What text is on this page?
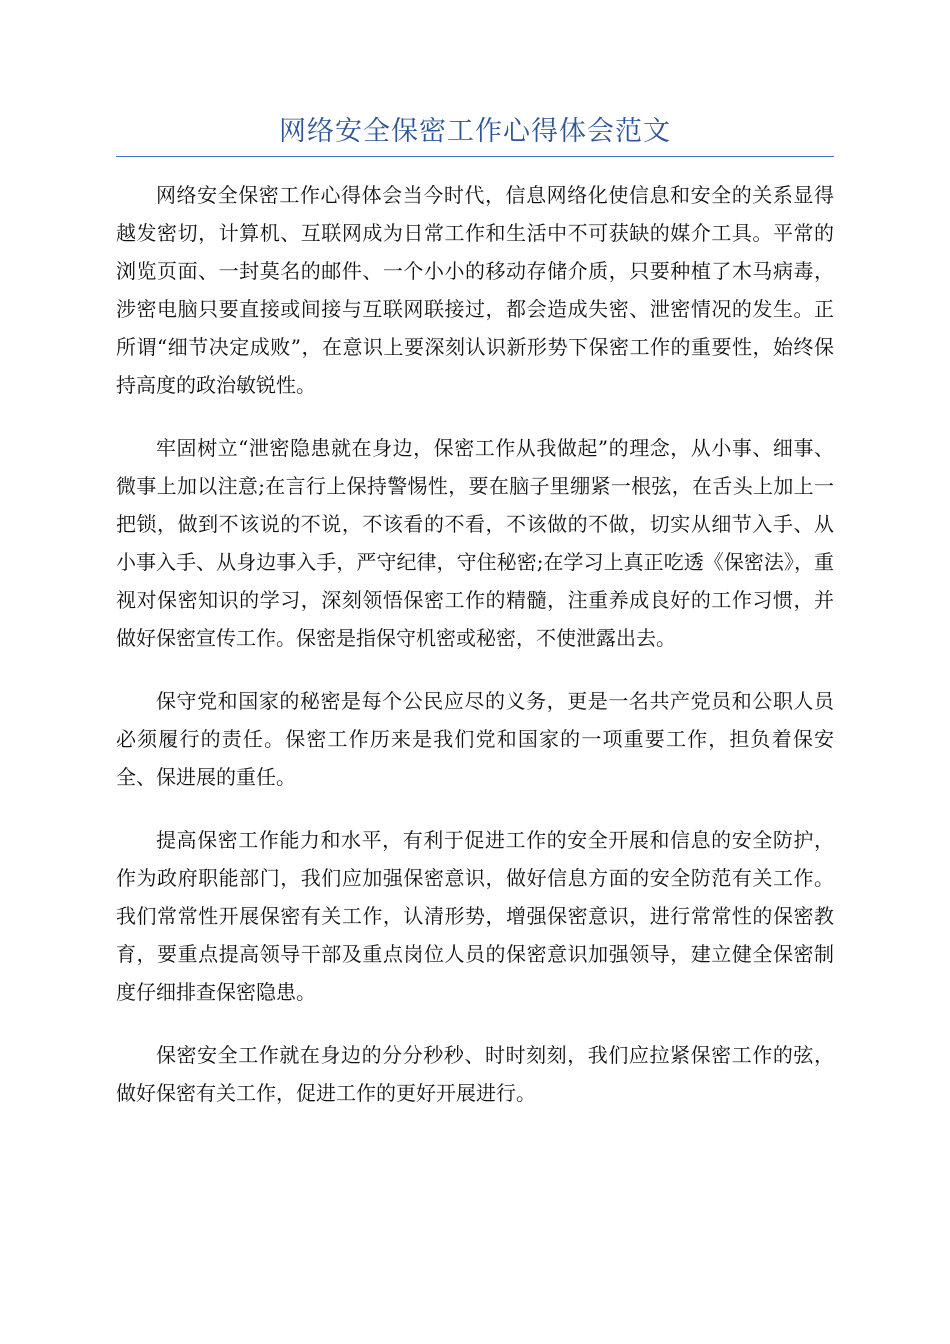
网络安全保密工作心得体会范文

网络安全保密工作心得体会当今时代，信息网络化使信息和安全的关系显得越发密切，计算机、互联网成为日常工作和生活中不可获缺的媒介工具。平常的浏览页面、一封莫名的邮件、一个小小的移动存储介质，只要种植了木马病毒，涉密电脑只要直接或间接与互联网联接过，都会造成失密、泄密情况的发生。正所谓“细节决定成败”，在意识上要深刻认识新形势下保密工作的重要性，始终保持高度的政治敏锐性。

牢固树立“泄密隐患就在身边，保密工作从我做起”的理念，从小事、细事、微事上加以注意;在言行上保持警惕性，要在脑子里绷紧一根弦，在舌头上加上一把锁，做到不该说的不说，不该看的不看，不该做的不做，切实从细节入手、从小事入手、从身边事入手，严守纪律，守住秘密;在学习上真正吃透《保密法》，重视对保密知识的学习，深刻领悟保密工作的精髓，注重养成良好的工作习惯，并做好保密宣传工作。保密是指保守机密或秘密，不使泄露出去。

保守党和国家的秘密是每个公民应尽的义务，更是一名共产党员和公职人员必须履行的责任。保密工作历来是我们党和国家的一项重要工作，担负着保安全、保进展的重任。

提高保密工作能力和水平，有利于促进工作的安全开展和信息的安全防护，作为政府职能部门，我们应加强保密意识，做好信息方面的安全防范有关工作。我们常常性开展保密有关工作，认清形势，增强保密意识，进行常常性的保密教育，要重点提高领导干部及重点岗位人员的保密意识加强领导，建立健全保密制度仔细排查保密隐患。

保密安全工作就在身边的分分秒秒、时时刻刻，我们应拉紧保密工作的弦，做好保密有关工作，促进工作的更好开展进行。
